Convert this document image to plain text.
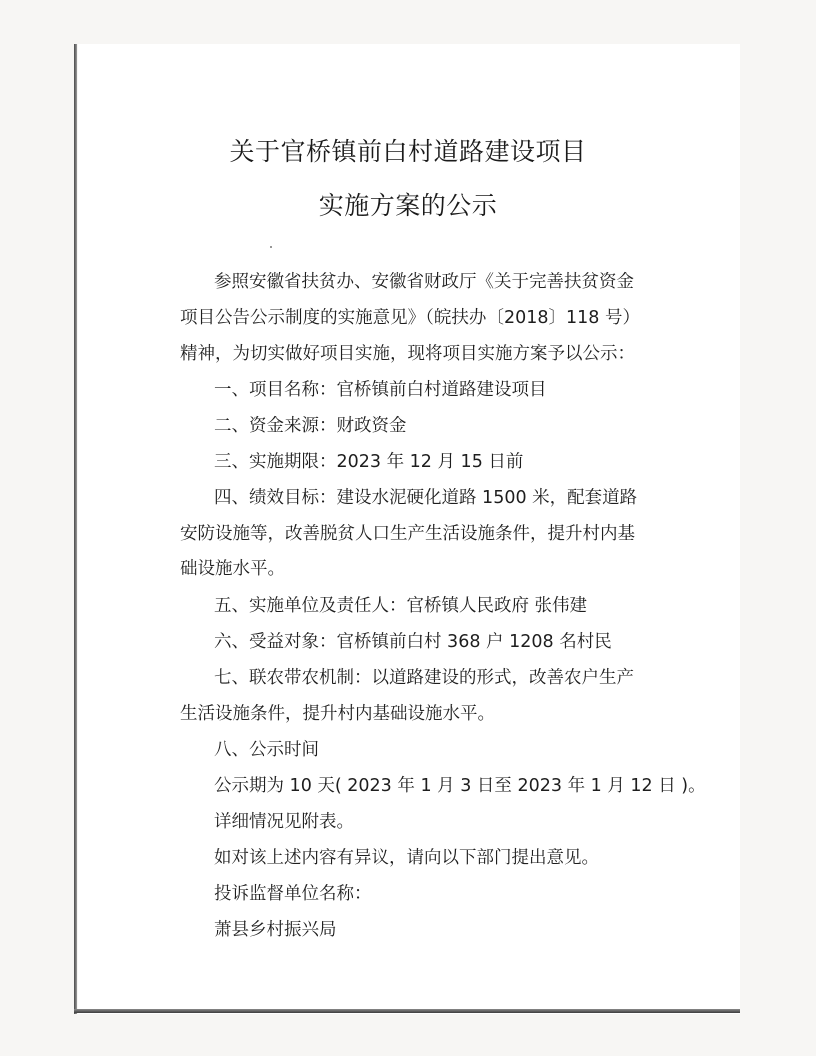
关于官桥镇前白村道路建设项目
实施方案的公示
参照安徽省扶贫办、安徽省财政厅《关于完善扶贫资金
项目公告公示制度的实施意见》（皖扶办〔2018〕118 号）
精神，为切实做好项目实施，现将项目实施方案予以公示：
一、项目名称：官桥镇前白村道路建设项目
二、资金来源：财政资金
三、实施期限：2023 年 12 月 15 日前
四、绩效目标：建设水泥硬化道路 1500 米，配套道路
安防设施等，改善脱贫人口生产生活设施条件，提升村内基
础设施水平。
五、实施单位及责任人：官桥镇人民政府 张伟建
六、受益对象：官桥镇前白村 368 户 1208 名村民
七、联农带农机制：以道路建设的形式，改善农户生产
生活设施条件，提升村内基础设施水平。
八、公示时间
公示期为 10 天( 2023 年 1 月 3 日至 2023 年 1 月 12 日 )。
详细情况见附表。
如对该上述内容有异议，请向以下部门提出意见。
投诉监督单位名称：
萧县乡村振兴局
